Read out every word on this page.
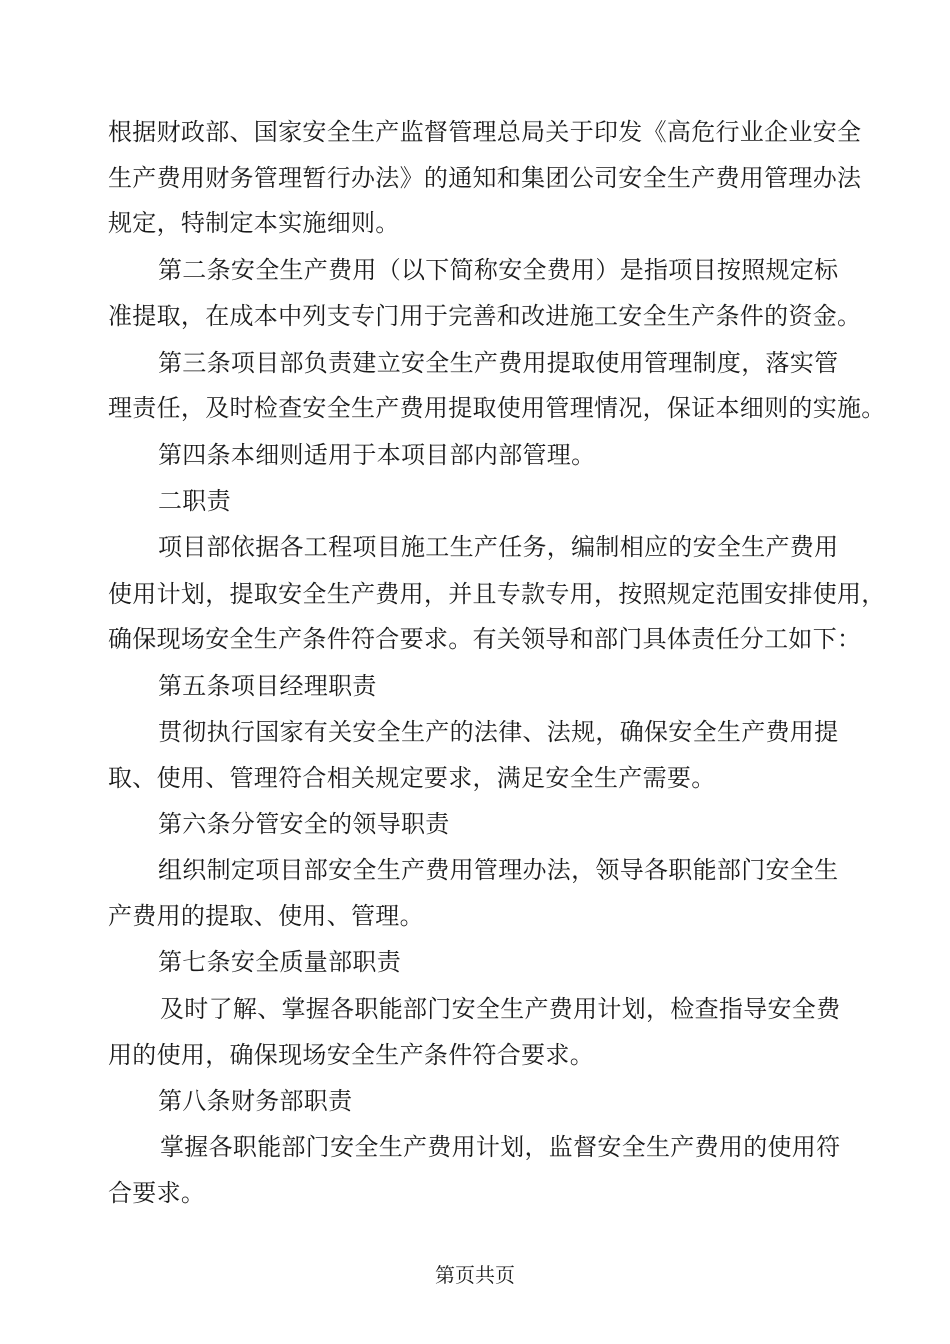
根据财政部、国家安全生产监督管理总局关于印发《高危行业企业安全
生产费用财务管理暂行办法》的通知和集团公司安全生产费用管理办法
规定，特制定本实施细则。
第二条安全生产费用（以下简称安全费用）是指项目按照规定标
准提取，在成本中列支专门用于完善和改进施工安全生产条件的资金。
第三条项目部负责建立安全生产费用提取使用管理制度，落实管
理责任，及时检查安全生产费用提取使用管理情况，保证本细则的实施。
第四条本细则适用于本项目部内部管理。
二职责
项目部依据各工程项目施工生产任务，编制相应的安全生产费用
使用计划，提取安全生产费用，并且专款专用，按照规定范围安排使用，
确保现场安全生产条件符合要求。有关领导和部门具体责任分工如下：
第五条项目经理职责
贯彻执行国家有关安全生产的法律、法规，确保安全生产费用提
取、使用、管理符合相关规定要求，满足安全生产需要。
第六条分管安全的领导职责
组织制定项目部安全生产费用管理办法，领导各职能部门安全生
产费用的提取、使用、管理。
第七条安全质量部职责
及时了解、掌握各职能部门安全生产费用计划，检查指导安全费
用的使用，确保现场安全生产条件符合要求。
第八条财务部职责
掌握各职能部门安全生产费用计划，监督安全生产费用的使用符
合要求。
第页共页
